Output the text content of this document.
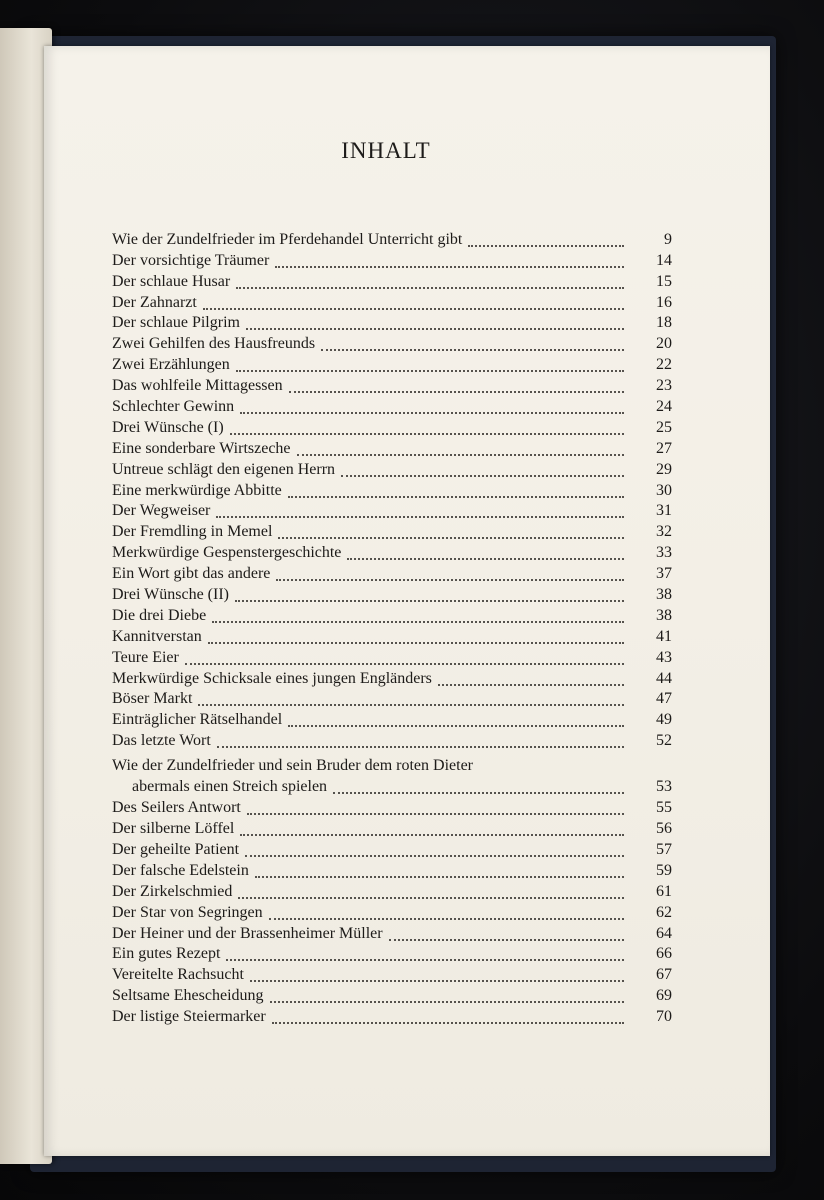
INHALT
Wie der Zundelfrieder im Pferdehandel Unterricht gibt	9
Der vorsichtige Träumer	14
Der schlaue Husar	15
Der Zahnarzt	16
Der schlaue Pilgrim	18
Zwei Gehilfen des Hausfreunds	20
Zwei Erzählungen	22
Das wohlfeile Mittagessen	23
Schlechter Gewinn	24
Drei Wünsche (I)	25
Eine sonderbare Wirtszeche	27
Untreue schlägt den eigenen Herrn	29
Eine merkwürdige Abbitte	30
Der Wegweiser	31
Der Fremdling in Memel	32
Merkwürdige Gespenstergeschichte	33
Ein Wort gibt das andere	37
Drei Wünsche (II)	38
Die drei Diebe	38
Kannitverstan	41
Teure Eier	43
Merkwürdige Schicksale eines jungen Engländers	44
Böser Markt	47
Einträglicher Rätselhandel	49
Das letzte Wort	52
Wie der Zundelfrieder und sein Bruder dem roten Dieter
abermals einen Streich spielen	53
Des Seilers Antwort	55
Der silberne Löffel	56
Der geheilte Patient	57
Der falsche Edelstein	59
Der Zirkelschmied	61
Der Star von Segringen	62
Der Heiner und der Brassenheimer Müller	64
Ein gutes Rezept	66
Vereitelte Rachsucht	67
Seltsame Ehescheidung	69
Der listige Steiermarker	70
